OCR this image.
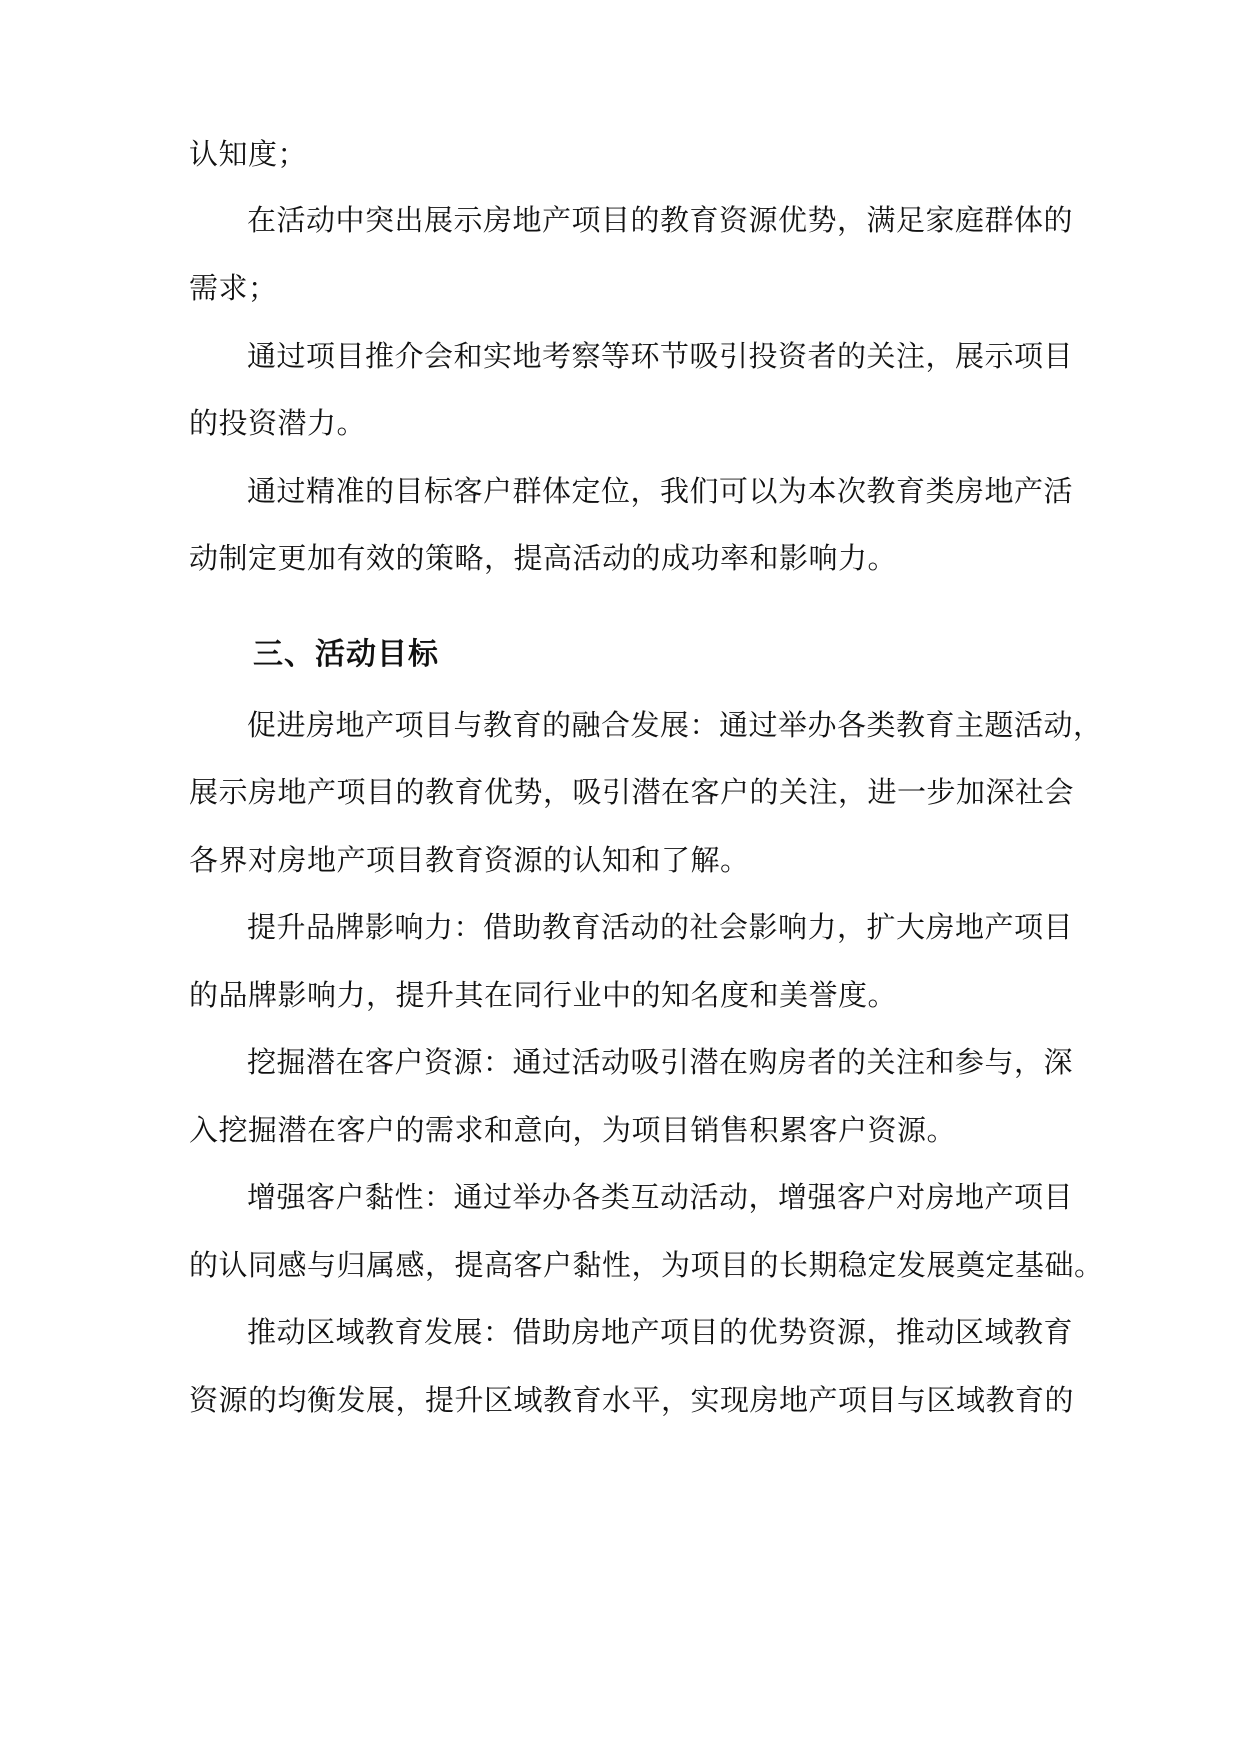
认知度；
在活动中突出展示房地产项目的教育资源优势，满足家庭群体的
需求；
通过项目推介会和实地考察等环节吸引投资者的关注，展示项目
的投资潜力。
通过精准的目标客户群体定位，我们可以为本次教育类房地产活
动制定更加有效的策略，提高活动的成功率和影响力。
三、活动目标
促进房地产项目与教育的融合发展：通过举办各类教育主题活动，
展示房地产项目的教育优势，吸引潜在客户的关注，进一步加深社会
各界对房地产项目教育资源的认知和了解。
提升品牌影响力：借助教育活动的社会影响力，扩大房地产项目
的品牌影响力，提升其在同行业中的知名度和美誉度。
挖掘潜在客户资源：通过活动吸引潜在购房者的关注和参与，深
入挖掘潜在客户的需求和意向，为项目销售积累客户资源。
增强客户黏性：通过举办各类互动活动，增强客户对房地产项目
的认同感与归属感，提高客户黏性，为项目的长期稳定发展奠定基础。
推动区域教育发展：借助房地产项目的优势资源，推动区域教育
资源的均衡发展，提升区域教育水平，实现房地产项目与区域教育的
